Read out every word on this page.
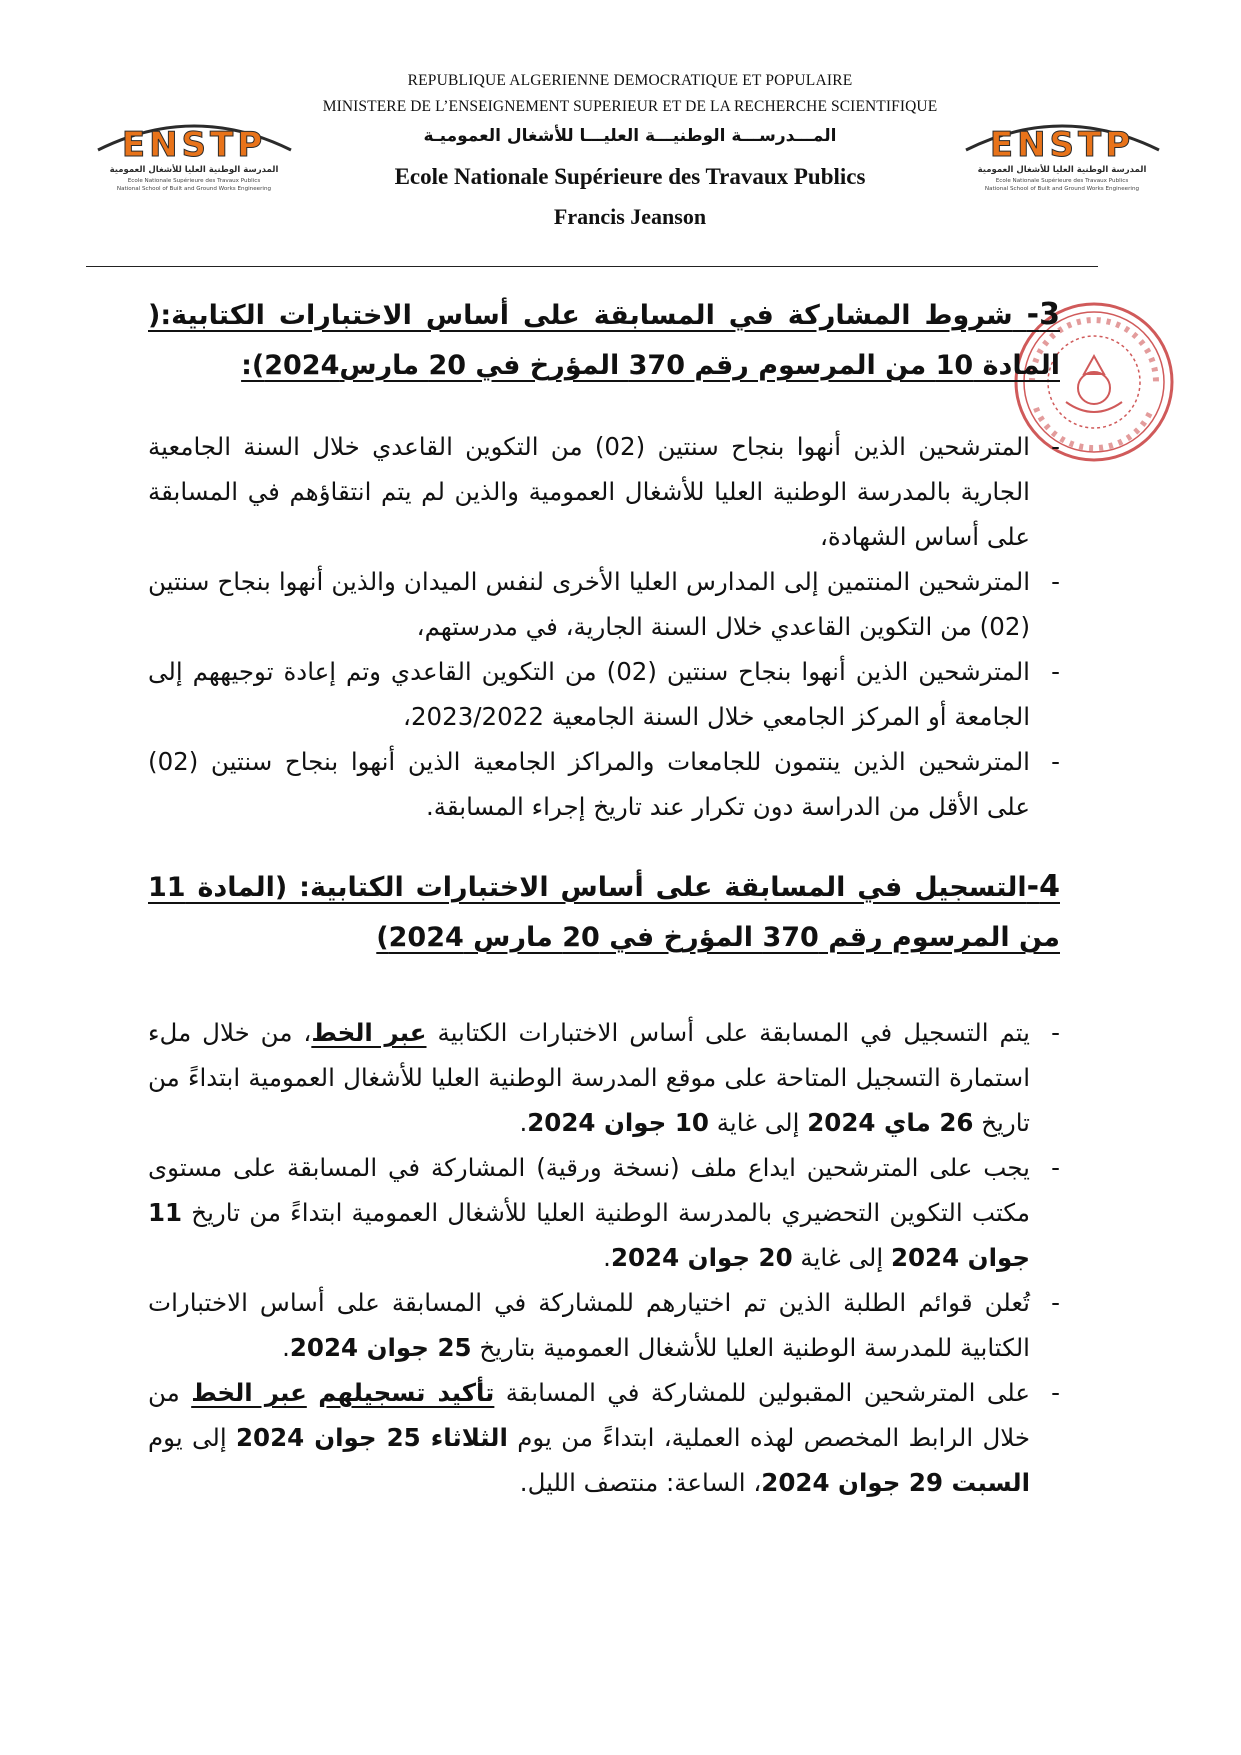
REPUBLIQUE ALGERIENNE DEMOCRATIQUE ET POPULAIRE
MINISTERE DE L’ENSEIGNEMENT SUPERIEUR ET DE LA RECHERCHE SCIENTIFIQUE
المـــدرســـة الوطنيـــة العليـــا للأشغال العموميـة
Ecole Nationale Supérieure des Travaux Publics
Francis Jeanson
ENSTP
المدرسة الوطنية العليا للأشغال العمومية
Ecole Nationale Supérieure des Travaux Publics
National School of Built and Ground Works Engineering
ENSTP
المدرسة الوطنية العليا للأشغال العمومية
Ecole Nationale Supérieure des Travaux Publics
National School of Built and Ground Works Engineering

3- شروط المشاركة في المسابقة على أساس الاختبارات الكتابية:( المادة 10 من المرسوم رقم 370 المؤرخ في 20 مارس2024):

- المترشحين الذين أنهوا بنجاح سنتين (02) من التكوين القاعدي خلال السنة الجامعية الجارية بالمدرسة الوطنية العليا للأشغال العمومية والذين لم يتم انتقاؤهم في المسابقة على أساس الشهادة،
- المترشحين المنتمين إلى المدارس العليا الأخرى لنفس الميدان والذين أنهوا بنجاح سنتين (02) من التكوين القاعدي خلال السنة الجارية، في مدرستهم،
- المترشحين الذين أنهوا بنجاح سنتين (02) من التكوين القاعدي وتم إعادة توجيههم إلى الجامعة أو المركز الجامعي خلال السنة الجامعية 2023/2022،
- المترشحين الذين ينتمون للجامعات والمراكز الجامعية الذين أنهوا بنجاح سنتين (02) على الأقل من الدراسة دون تكرار عند تاريخ إجراء المسابقة.

4-التسجيل في المسابقة على أساس الاختبارات الكتابية: (المادة 11 من المرسوم رقم 370 المؤرخ في 20 مارس 2024)

- يتم التسجيل في المسابقة على أساس الاختبارات الكتابية عبر الخط، من خلال ملء استمارة التسجيل المتاحة على موقع المدرسة الوطنية العليا للأشغال العمومية ابتداءً من تاريخ 26 ماي 2024 إلى غاية 10 جوان 2024.
- يجب على المترشحين ايداع ملف (نسخة ورقية) المشاركة في المسابقة على مستوى مكتب التكوين التحضيري بالمدرسة الوطنية العليا للأشغال العمومية ابتداءً من تاريخ 11 جوان 2024 إلى غاية 20 جوان 2024.
- تُعلن قوائم الطلبة الذين تم اختيارهم للمشاركة في المسابقة على أساس الاختبارات الكتابية للمدرسة الوطنية العليا للأشغال العمومية بتاريخ 25 جوان 2024.
- على المترشحين المقبولين للمشاركة في المسابقة تأكيد تسجيلهم عبر الخط من خلال الرابط المخصص لهذه العملية، ابتداءً من يوم الثلاثاء 25 جوان 2024 إلى يوم السبت 29 جوان 2024، الساعة: منتصف الليل.
